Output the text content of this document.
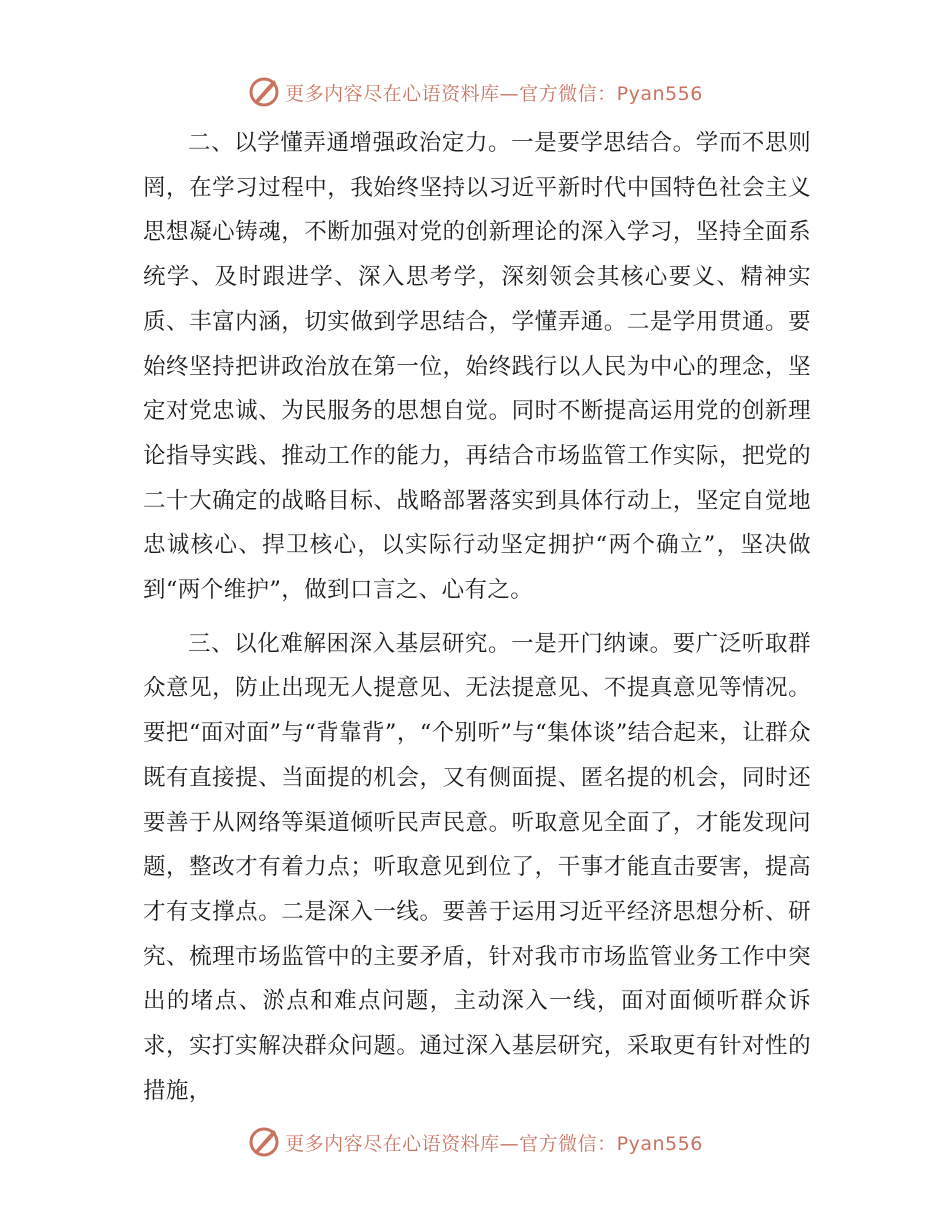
更多内容尽在心语资料库—官方微信：Pyan556

二、以学懂弄通增强政治定力。一是要学思结合。学而不思则罔，在学习过程中，我始终坚持以习近平新时代中国特色社会主义思想凝心铸魂，不断加强对党的创新理论的深入学习，坚持全面系统学、及时跟进学、深入思考学，深刻领会其核心要义、精神实质、丰富内涵，切实做到学思结合，学懂弄通。二是学用贯通。要始终坚持把讲政治放在第一位，始终践行以人民为中心的理念，坚定对党忠诚、为民服务的思想自觉。同时不断提高运用党的创新理论指导实践、推动工作的能力，再结合市场监管工作实际，把党的二十大确定的战略目标、战略部署落实到具体行动上，坚定自觉地忠诚核心、捍卫核心，以实际行动坚定拥护“两个确立”，坚决做到“两个维护”，做到口言之、心有之。

三、以化难解困深入基层研究。一是开门纳谏。要广泛听取群众意见，防止出现无人提意见、无法提意见、不提真意见等情况。要把“面对面”与“背靠背”，“个别听”与“集体谈”结合起来，让群众既有直接提、当面提的机会，又有侧面提、匿名提的机会，同时还要善于从网络等渠道倾听民声民意。听取意见全面了，才能发现问题，整改才有着力点；听取意见到位了，干事才能直击要害，提高才有支撑点。二是深入一线。要善于运用习近平经济思想分析、研究、梳理市场监管中的主要矛盾，针对我市市场监管业务工作中突出的堵点、淤点和难点问题，主动深入一线，面对面倾听群众诉求，实打实解决群众问题。通过深入基层研究，采取更有针对性的措施，

更多内容尽在心语资料库—官方微信：Pyan556
